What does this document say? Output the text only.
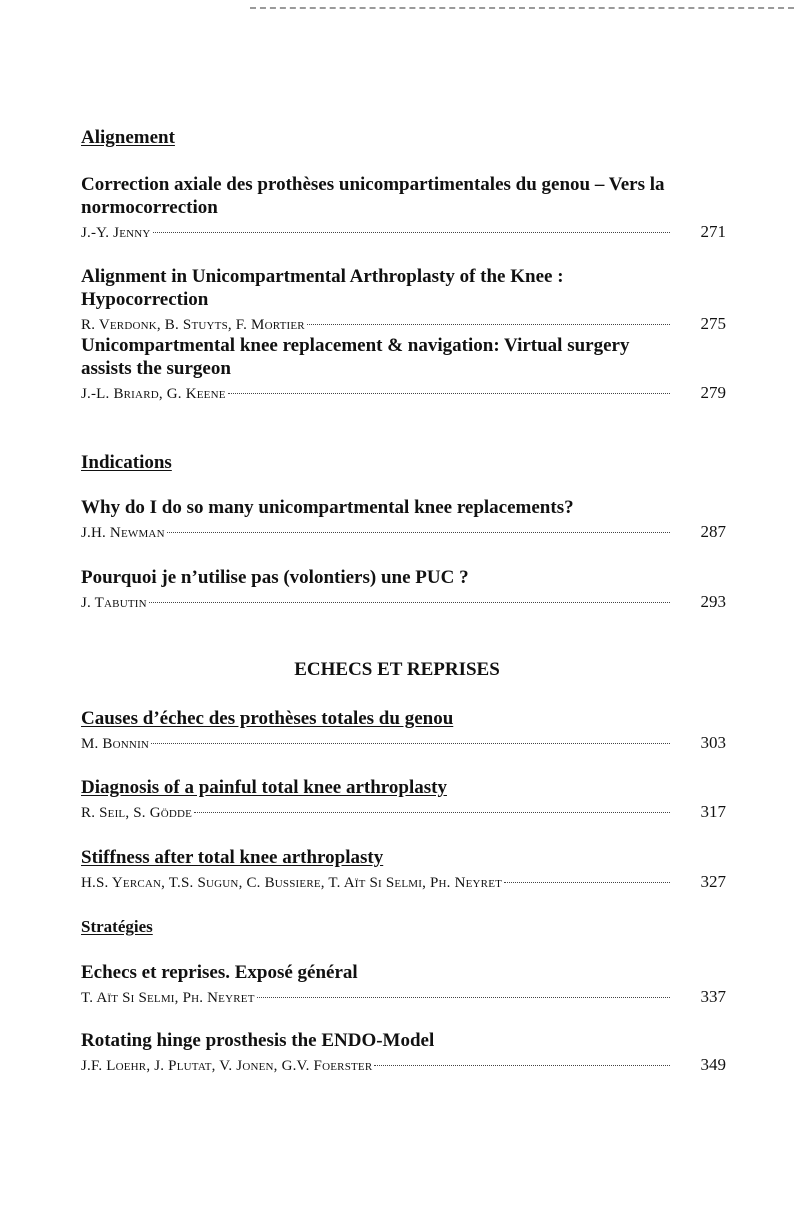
Alignement
Correction axiale des prothèses unicompartimentales du genou – Vers la normocorrection
J.-Y. Jenny	271
Alignment in Unicompartmental Arthroplasty of the Knee : Hypocorrection
R. Verdonk, B. Stuyts, F. Mortier	275
Unicompartmental knee replacement & navigation: Virtual surgery assists the surgeon
J.-L. Briard, G. Keene	279
Indications
Why do I do so many unicompartmental knee replacements?
J.H. Newman	287
Pourquoi je n’utilise pas (volontiers) une PUC ?
J. Tabutin	293
ECHECS ET REPRISES
Causes d’échec des prothèses totales du genou
M. Bonnin	303
Diagnosis of a painful total knee arthroplasty
R. Seil, S. Gödde	317
Stiffness after total knee arthroplasty
H.S. Yercan, T.S. Sugun, C. Bussiere, T. Aït Si Selmi, Ph. Neyret	327
Stratégies
Echecs et reprises. Exposé général
T. Aït Si Selmi, Ph. Neyret	337
Rotating hinge prosthesis the ENDO-Model
J.F. Loehr, J. Plutat, V. Jonen, G.V. Foerster	349
